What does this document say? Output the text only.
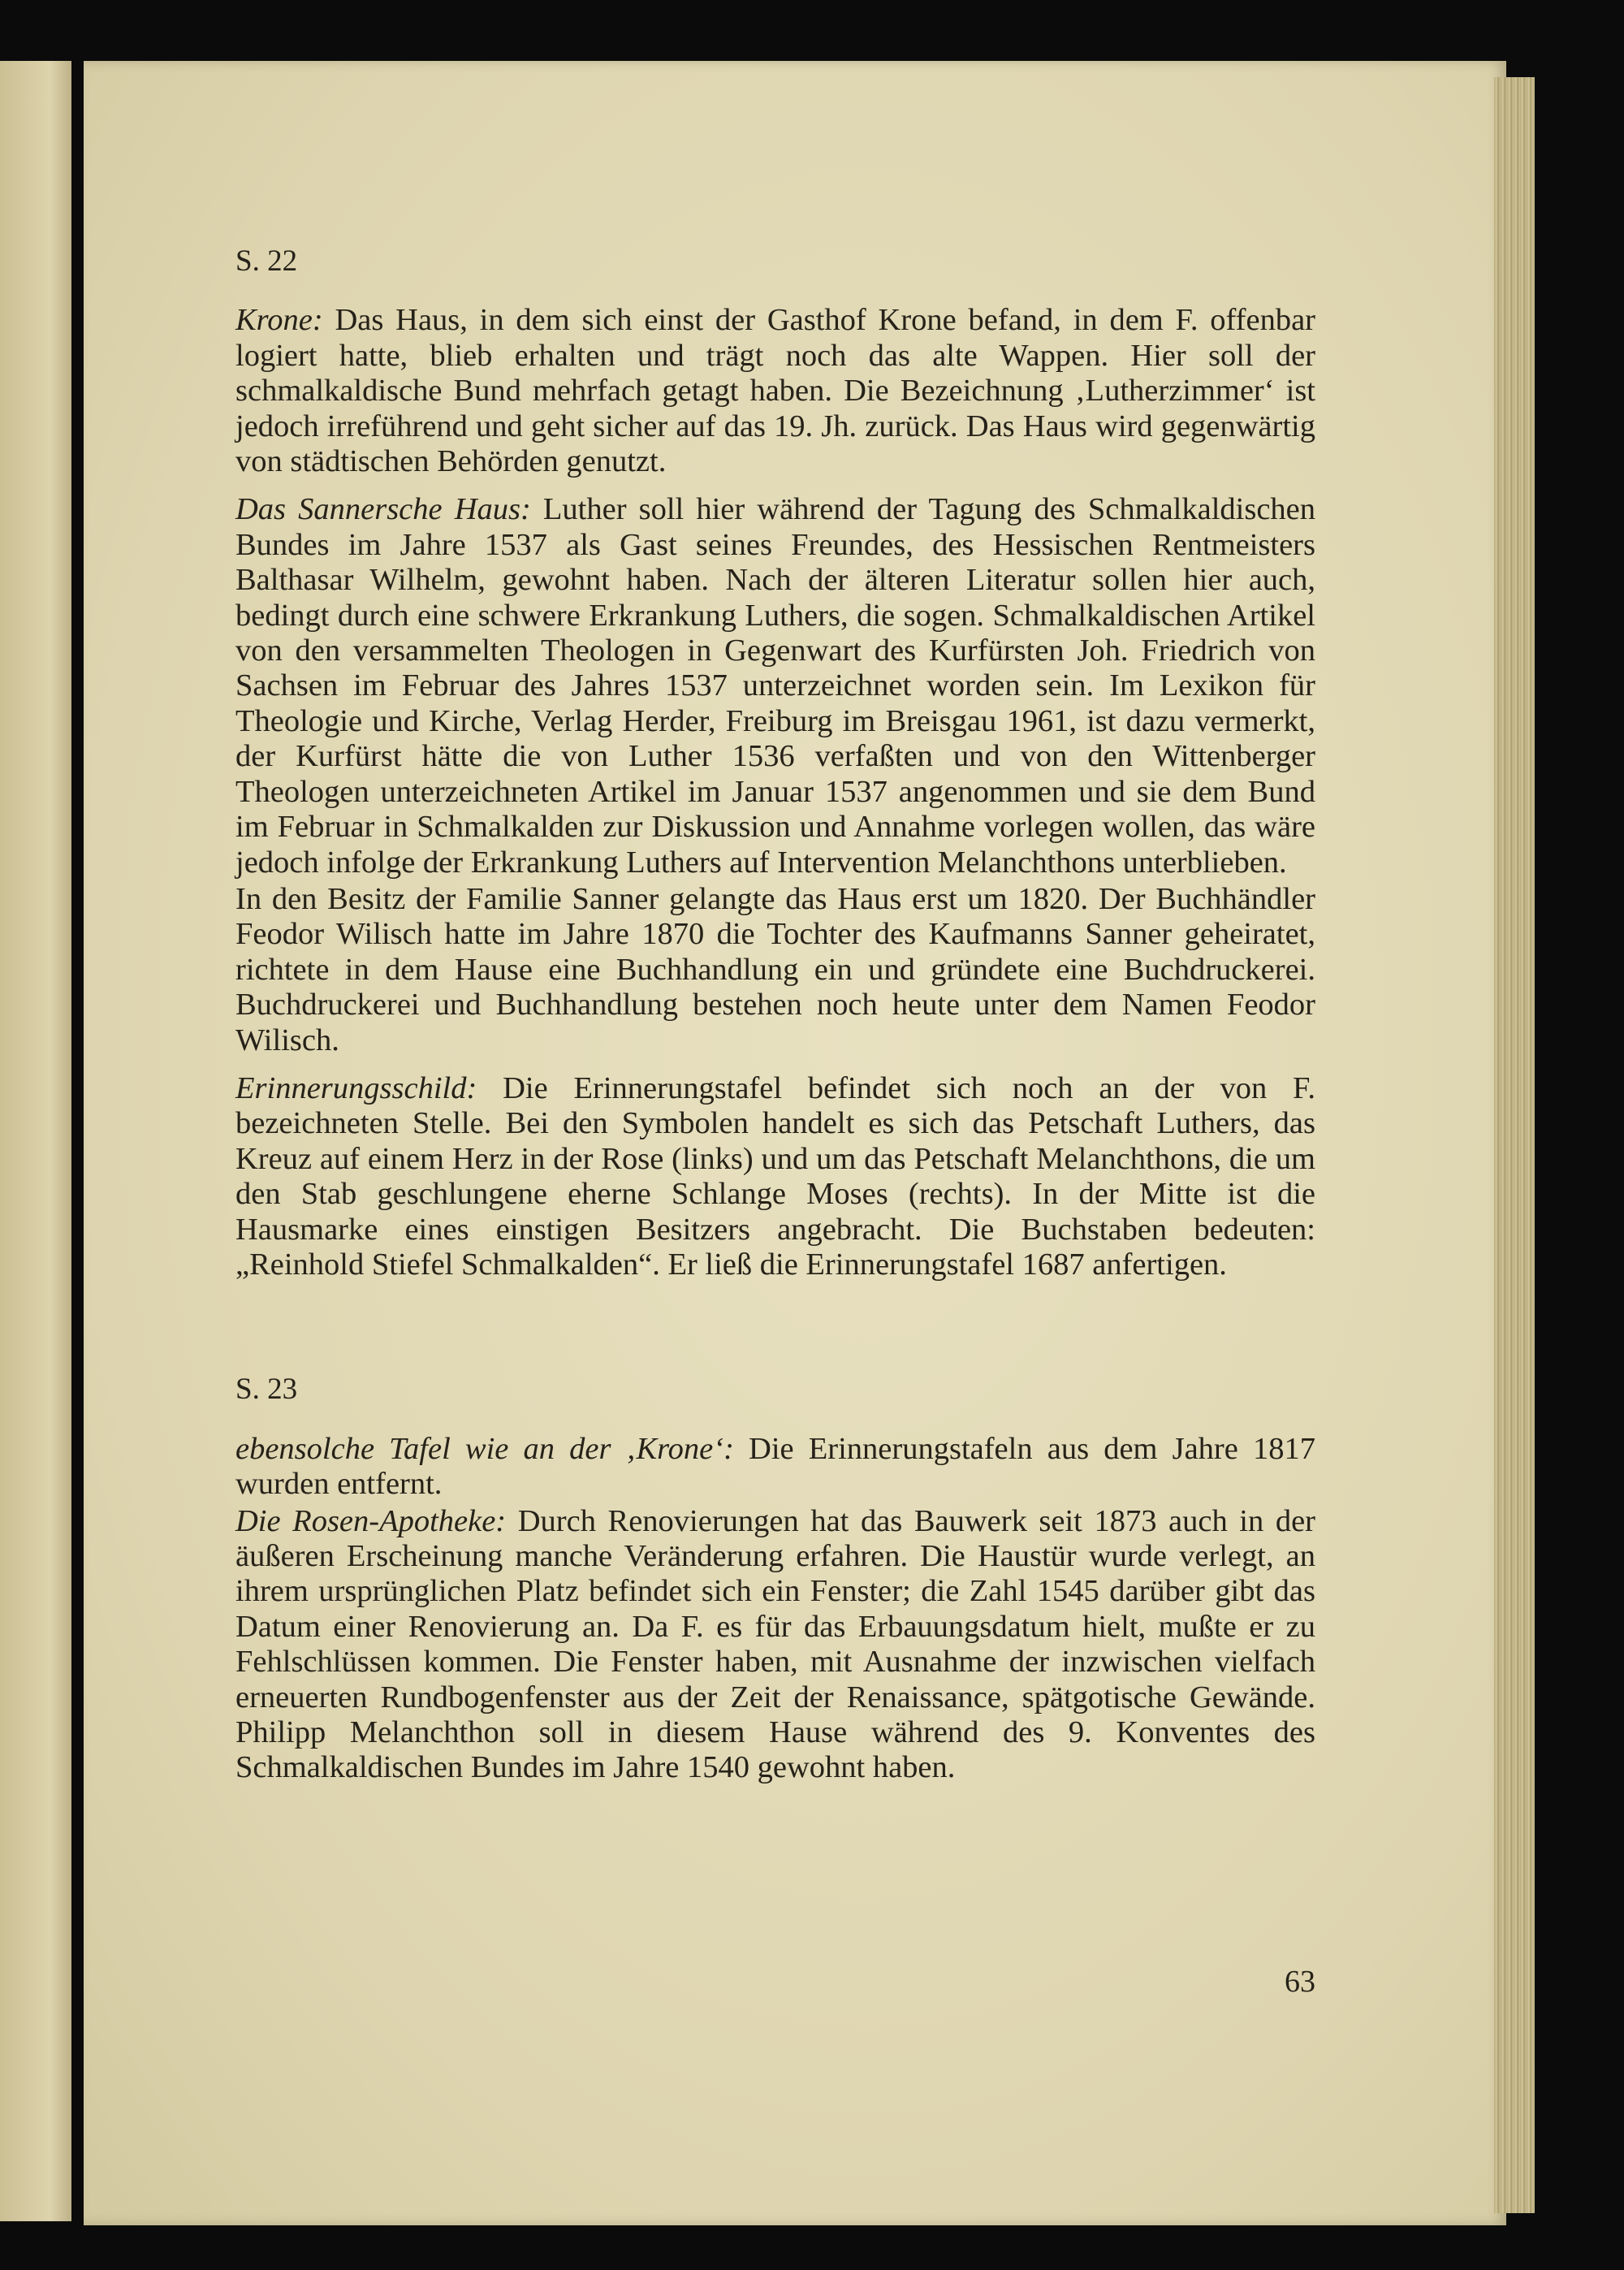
S. 22

Krone: Das Haus, in dem sich einst der Gasthof Krone befand, in dem F. offenbar logiert hatte, blieb erhalten und trägt noch das alte Wappen. Hier soll der schmalkaldische Bund mehrfach getagt haben. Die Bezeichnung ‚Lutherzimmer‘ ist jedoch irreführend und geht sicher auf das 19. Jh. zurück. Das Haus wird gegenwärtig von städtischen Behörden genutzt.

Das Sannersche Haus: Luther soll hier während der Tagung des Schmalkaldischen Bundes im Jahre 1537 als Gast seines Freundes, des Hessischen Rentmeisters Balthasar Wilhelm, gewohnt haben. Nach der älteren Literatur sollen hier auch, bedingt durch eine schwere Erkrankung Luthers, die sogen. Schmalkaldischen Artikel von den versammelten Theologen in Gegenwart des Kurfürsten Joh. Friedrich von Sachsen im Februar des Jahres 1537 unterzeichnet worden sein. Im Lexikon für Theologie und Kirche, Verlag Herder, Freiburg im Breisgau 1961, ist dazu vermerkt, der Kurfürst hätte die von Luther 1536 verfaßten und von den Wittenberger Theologen unterzeichneten Artikel im Januar 1537 angenommen und sie dem Bund im Februar in Schmalkalden zur Diskussion und Annahme vorlegen wollen, das wäre jedoch infolge der Erkrankung Luthers auf Intervention Melanchthons unterblieben.

In den Besitz der Familie Sanner gelangte das Haus erst um 1820. Der Buchhändler Feodor Wilisch hatte im Jahre 1870 die Tochter des Kaufmanns Sanner geheiratet, richtete in dem Hause eine Buchhandlung ein und gründete eine Buchdruckerei. Buchdruckerei und Buchhandlung bestehen noch heute unter dem Namen Feodor Wilisch.

Erinnerungsschild: Die Erinnerungstafel befindet sich noch an der von F. bezeichneten Stelle. Bei den Symbolen handelt es sich das Petschaft Luthers, das Kreuz auf einem Herz in der Rose (links) und um das Petschaft Melanchthons, die um den Stab geschlungene eherne Schlange Moses (rechts). In der Mitte ist die Hausmarke eines einstigen Besitzers angebracht. Die Buchstaben bedeuten: „Reinhold Stiefel Schmalkalden“. Er ließ die Erinnerungstafel 1687 anfertigen.

S. 23

ebensolche Tafel wie an der ‚Krone‘: Die Erinnerungstafeln aus dem Jahre 1817 wurden entfernt.

Die Rosen-Apotheke: Durch Renovierungen hat das Bauwerk seit 1873 auch in der äußeren Erscheinung manche Veränderung erfahren. Die Haustür wurde verlegt, an ihrem ursprünglichen Platz befindet sich ein Fenster; die Zahl 1545 darüber gibt das Datum einer Renovierung an. Da F. es für das Erbauungsdatum hielt, mußte er zu Fehlschlüssen kommen. Die Fenster haben, mit Ausnahme der inzwischen vielfach erneuerten Rundbogenfenster aus der Zeit der Renaissance, spätgotische Gewände. Philipp Melanchthon soll in diesem Hause während des 9. Konventes des Schmalkaldischen Bundes im Jahre 1540 gewohnt haben.

63
